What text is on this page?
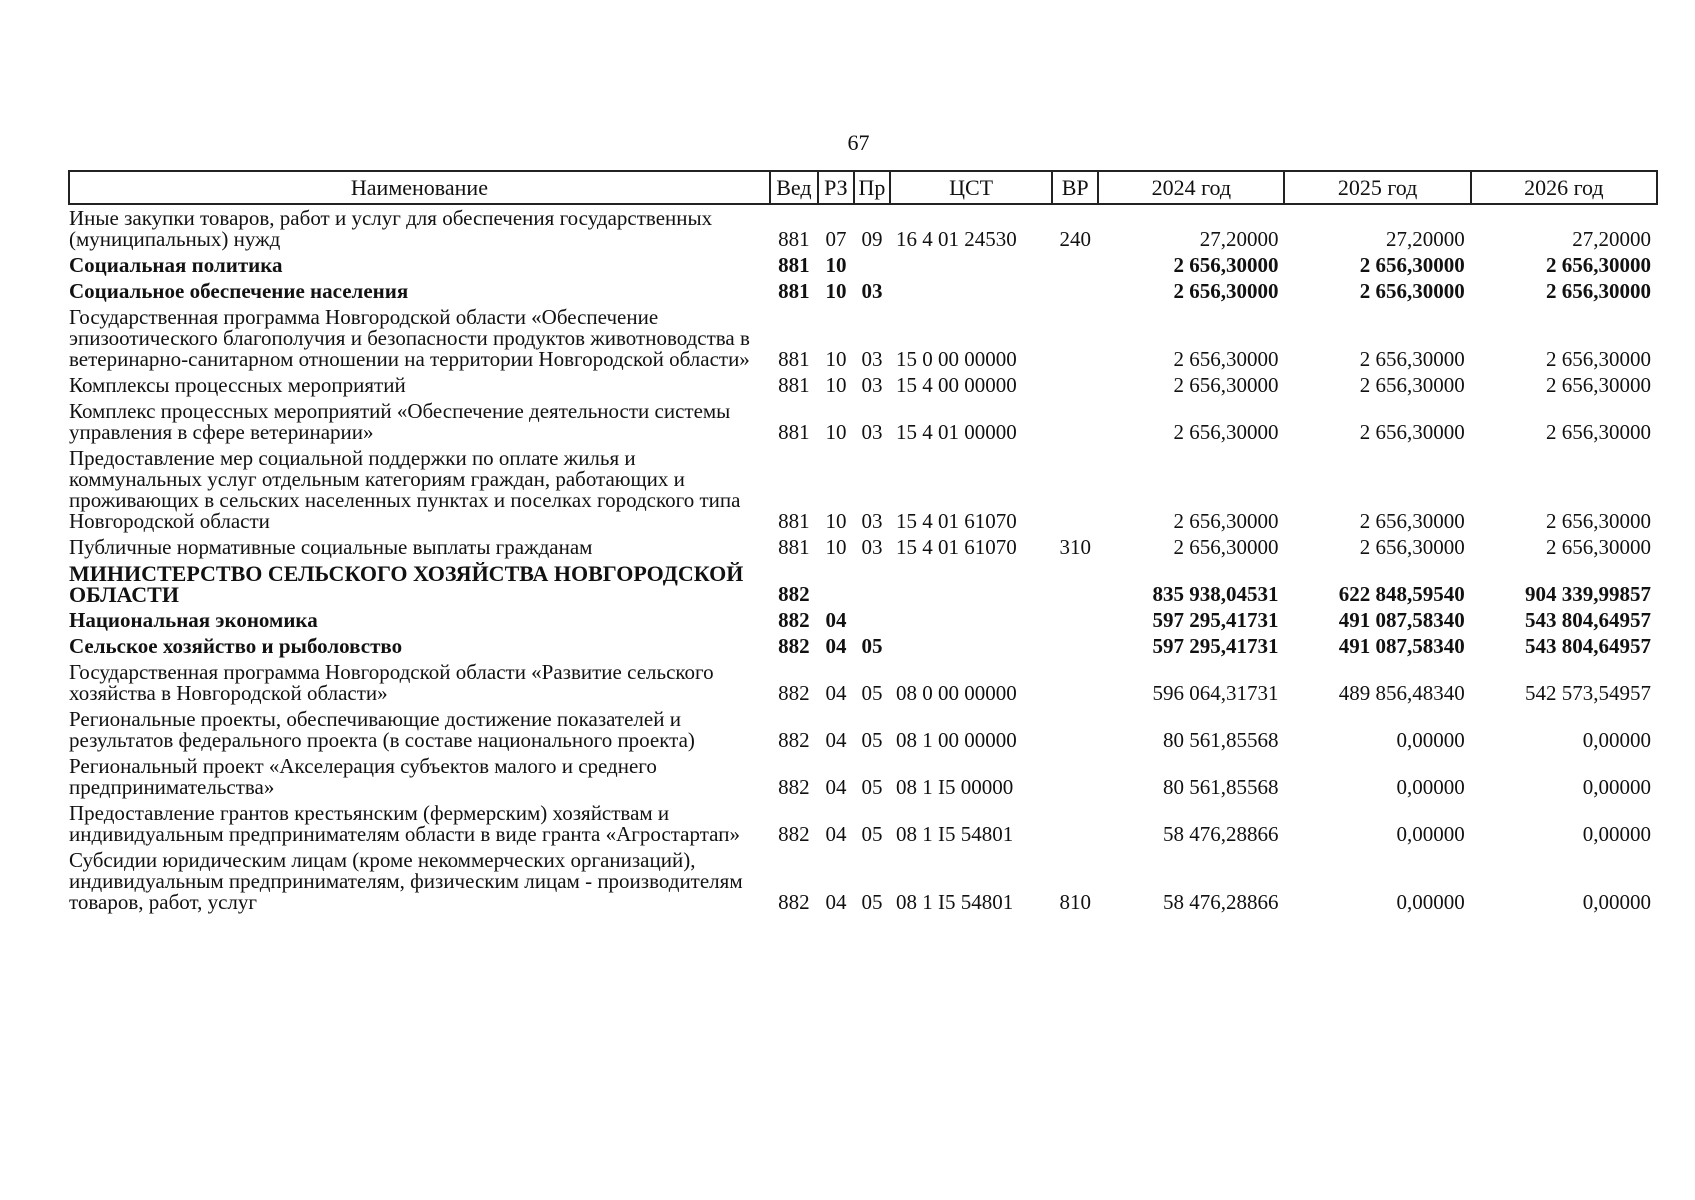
67
Наименование	Вед	РЗ	Пр	ЦСТ	ВР	2024 год	2025 год	2026 год
Иные закупки товаров, работ и услуг для обеспечения государственных (муниципальных) нужд	881	07	09	16 4 01 24530	240	27,20000	27,20000	27,20000
Социальная политика	881	10				2 656,30000	2 656,30000	2 656,30000
Социальное обеспечение населения	881	10	03			2 656,30000	2 656,30000	2 656,30000
Государственная программа Новгородской области «Обеспечение эпизоотического благополучия и безопасности продуктов животноводства в ветеринарно-санитарном отношении на территории Новгородской области»	881	10	03	15 0 00 00000		2 656,30000	2 656,30000	2 656,30000
Комплексы процессных мероприятий	881	10	03	15 4 00 00000		2 656,30000	2 656,30000	2 656,30000
Комплекс процессных мероприятий «Обеспечение деятельности системы управления в сфере ветеринарии»	881	10	03	15 4 01 00000		2 656,30000	2 656,30000	2 656,30000
Предоставление мер социальной поддержки по оплате жилья и коммунальных услуг отдельным категориям граждан, работающих и проживающих в сельских населенных пунктах и поселках городского типа Новгородской области	881	10	03	15 4 01 61070		2 656,30000	2 656,30000	2 656,30000
Публичные нормативные социальные выплаты гражданам	881	10	03	15 4 01 61070	310	2 656,30000	2 656,30000	2 656,30000
МИНИСТЕРСТВО СЕЛЬСКОГО ХОЗЯЙСТВА НОВГОРОДСКОЙ ОБЛАСТИ	882					835 938,04531	622 848,59540	904 339,99857
Национальная экономика	882	04				597 295,41731	491 087,58340	543 804,64957
Сельское хозяйство и рыболовство	882	04	05			597 295,41731	491 087,58340	543 804,64957
Государственная программа Новгородской области «Развитие сельского хозяйства в Новгородской области»	882	04	05	08 0 00 00000		596 064,31731	489 856,48340	542 573,54957
Региональные проекты, обеспечивающие достижение показателей и результатов федерального проекта (в составе национального проекта)	882	04	05	08 1 00 00000		80 561,85568	0,00000	0,00000
Региональный проект «Акселерация субъектов малого и среднего предпринимательства»	882	04	05	08 1 I5 00000		80 561,85568	0,00000	0,00000
Предоставление грантов крестьянским (фермерским) хозяйствам и индивидуальным предпринимателям области в виде гранта «Агростартап»	882	04	05	08 1 I5 54801		58 476,28866	0,00000	0,00000
Субсидии юридическим лицам (кроме некоммерческих организаций), индивидуальным предпринимателям, физическим лицам - производителям товаров, работ, услуг	882	04	05	08 1 I5 54801	810	58 476,28866	0,00000	0,00000
